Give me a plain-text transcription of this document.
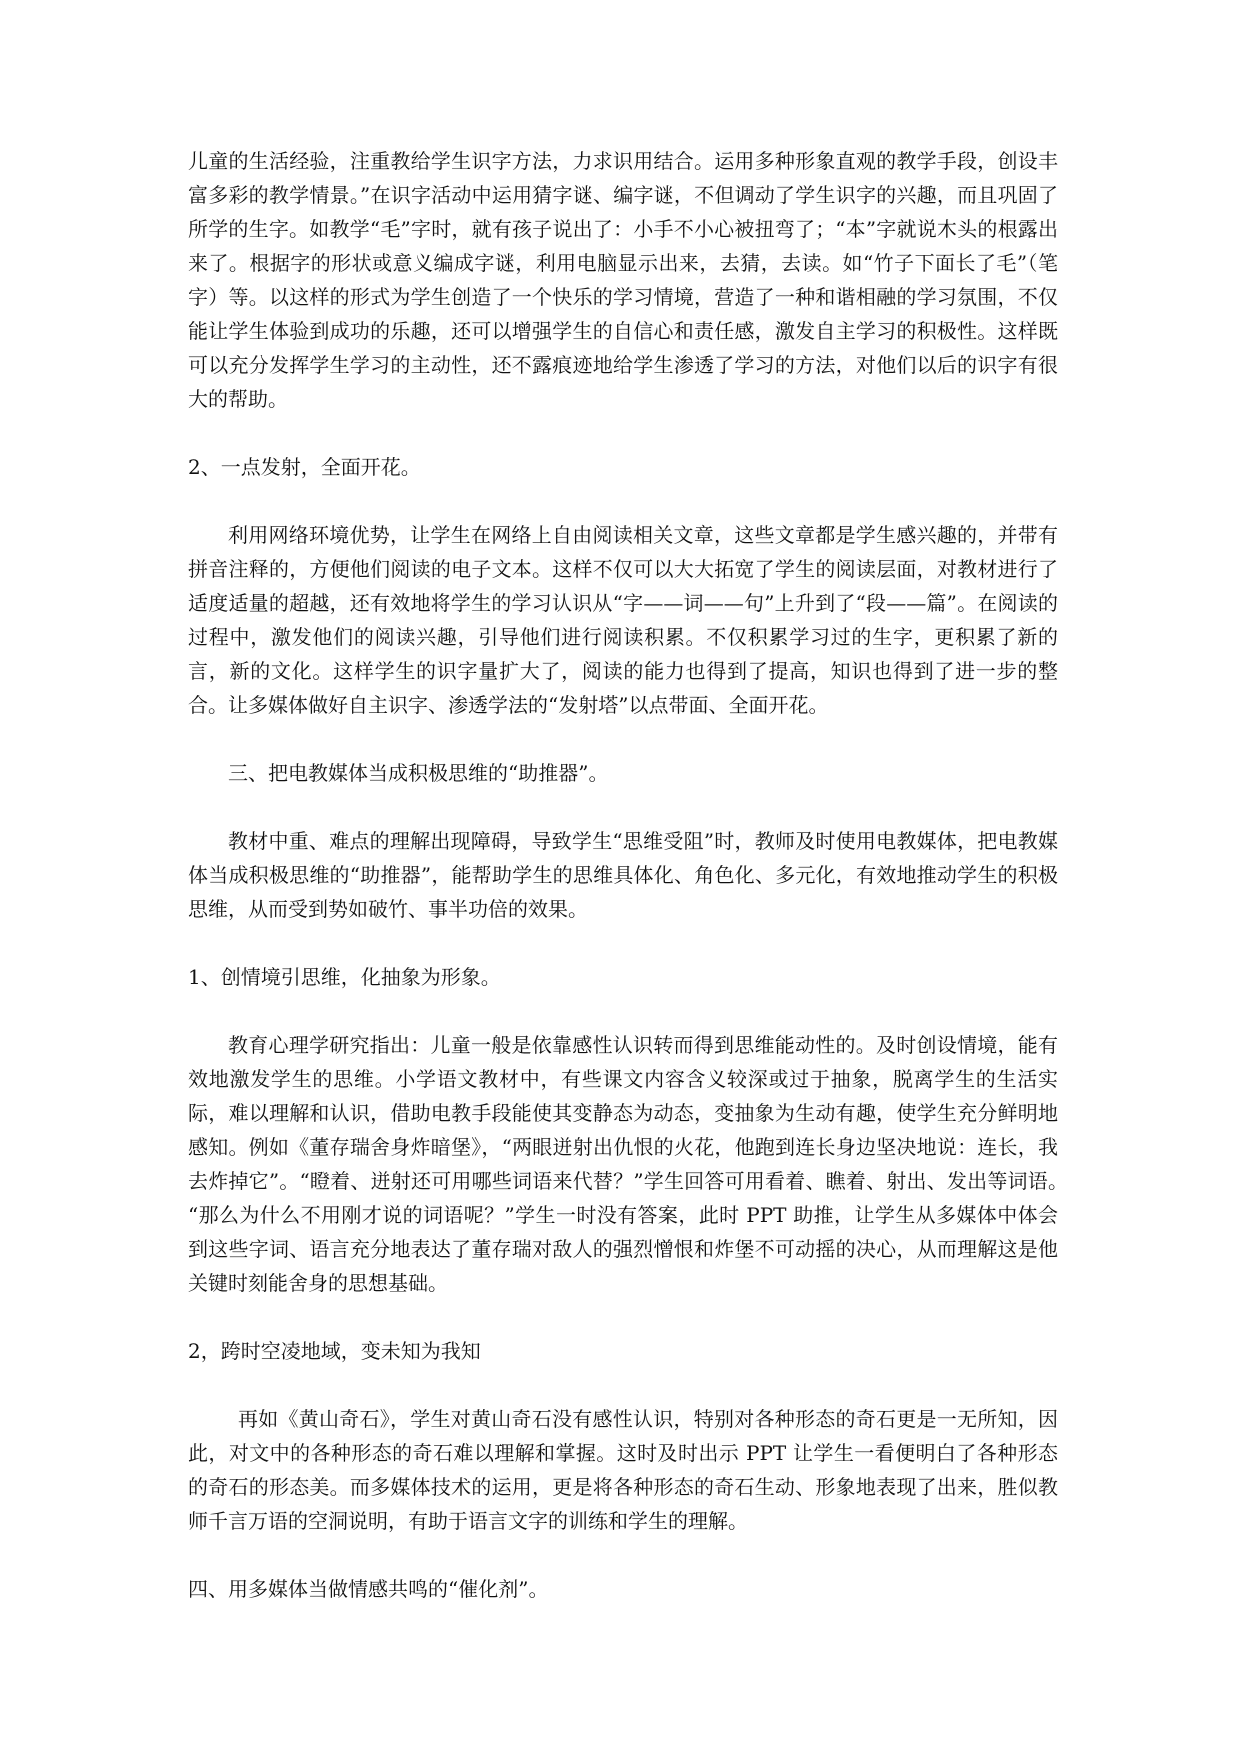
儿童的生活经验，注重教给学生识字方法，力求识用结合。运用多种形象直观的教学手段，创设丰富多彩的教学情景。”在识字活动中运用猜字谜、编字谜，不但调动了学生识字的兴趣，而且巩固了所学的生字。如教学“毛”字时，就有孩子说出了：小手不小心被扭弯了；“本”字就说木头的根露出来了。根据字的形状或意义编成字谜，利用电脑显示出来，去猜，去读。如“竹子下面长了毛”（笔字）等。以这样的形式为学生创造了一个快乐的学习情境，营造了一种和谐相融的学习氛围，不仅能让学生体验到成功的乐趣，还可以增强学生的自信心和责任感，激发自主学习的积极性。这样既可以充分发挥学生学习的主动性，还不露痕迹地给学生渗透了学习的方法，对他们以后的识字有很大的帮助。

2、一点发射，全面开花。

利用网络环境优势，让学生在网络上自由阅读相关文章，这些文章都是学生感兴趣的，并带有拼音注释的，方便他们阅读的电子文本。这样不仅可以大大拓宽了学生的阅读层面，对教材进行了适度适量的超越，还有效地将学生的学习认识从“字——词——句”上升到了“段——篇”。在阅读的过程中，激发他们的阅读兴趣，引导他们进行阅读积累。不仅积累学习过的生字，更积累了新的言，新的文化。这样学生的识字量扩大了，阅读的能力也得到了提高，知识也得到了进一步的整合。让多媒体做好自主识字、渗透学法的“发射塔”以点带面、全面开花。

三、把电教媒体当成积极思维的“助推器”。

教材中重、难点的理解出现障碍，导致学生“思维受阻”时，教师及时使用电教媒体，把电教媒体当成积极思维的“助推器”，能帮助学生的思维具体化、角色化、多元化，有效地推动学生的积极思维，从而受到势如破竹、事半功倍的效果。

1、创情境引思维，化抽象为形象。

教育心理学研究指出：儿童一般是依靠感性认识转而得到思维能动性的。及时创设情境，能有效地激发学生的思维。小学语文教材中，有些课文内容含义较深或过于抽象，脱离学生的生活实际，难以理解和认识，借助电教手段能使其变静态为动态，变抽象为生动有趣，使学生充分鲜明地感知。例如《董存瑞舍身炸暗堡》，“两眼迸射出仇恨的火花，他跑到连长身边坚决地说：连长，我去炸掉它”。“瞪着、迸射还可用哪些词语来代替？”学生回答可用看着、瞧着、射出、发出等词语。　“那么为什么不用刚才说的词语呢？”学生一时没有答案，此时 PPT 助推，让学生从多媒体中体会到这些字词、语言充分地表达了董存瑞对敌人的强烈憎恨和炸堡不可动摇的决心，从而理解这是他关键时刻能舍身的思想基础。

2，跨时空凌地域，变未知为我知

再如《黄山奇石》，学生对黄山奇石没有感性认识，特别对各种形态的奇石更是一无所知，因此，对文中的各种形态的奇石难以理解和掌握。这时及时出示 PPT 让学生一看便明白了各种形态的奇石的形态美。而多媒体技术的运用，更是将各种形态的奇石生动、形象地表现了出来，胜似教师千言万语的空洞说明，有助于语言文字的训练和学生的理解。

四、用多媒体当做情感共鸣的“催化剂”。
